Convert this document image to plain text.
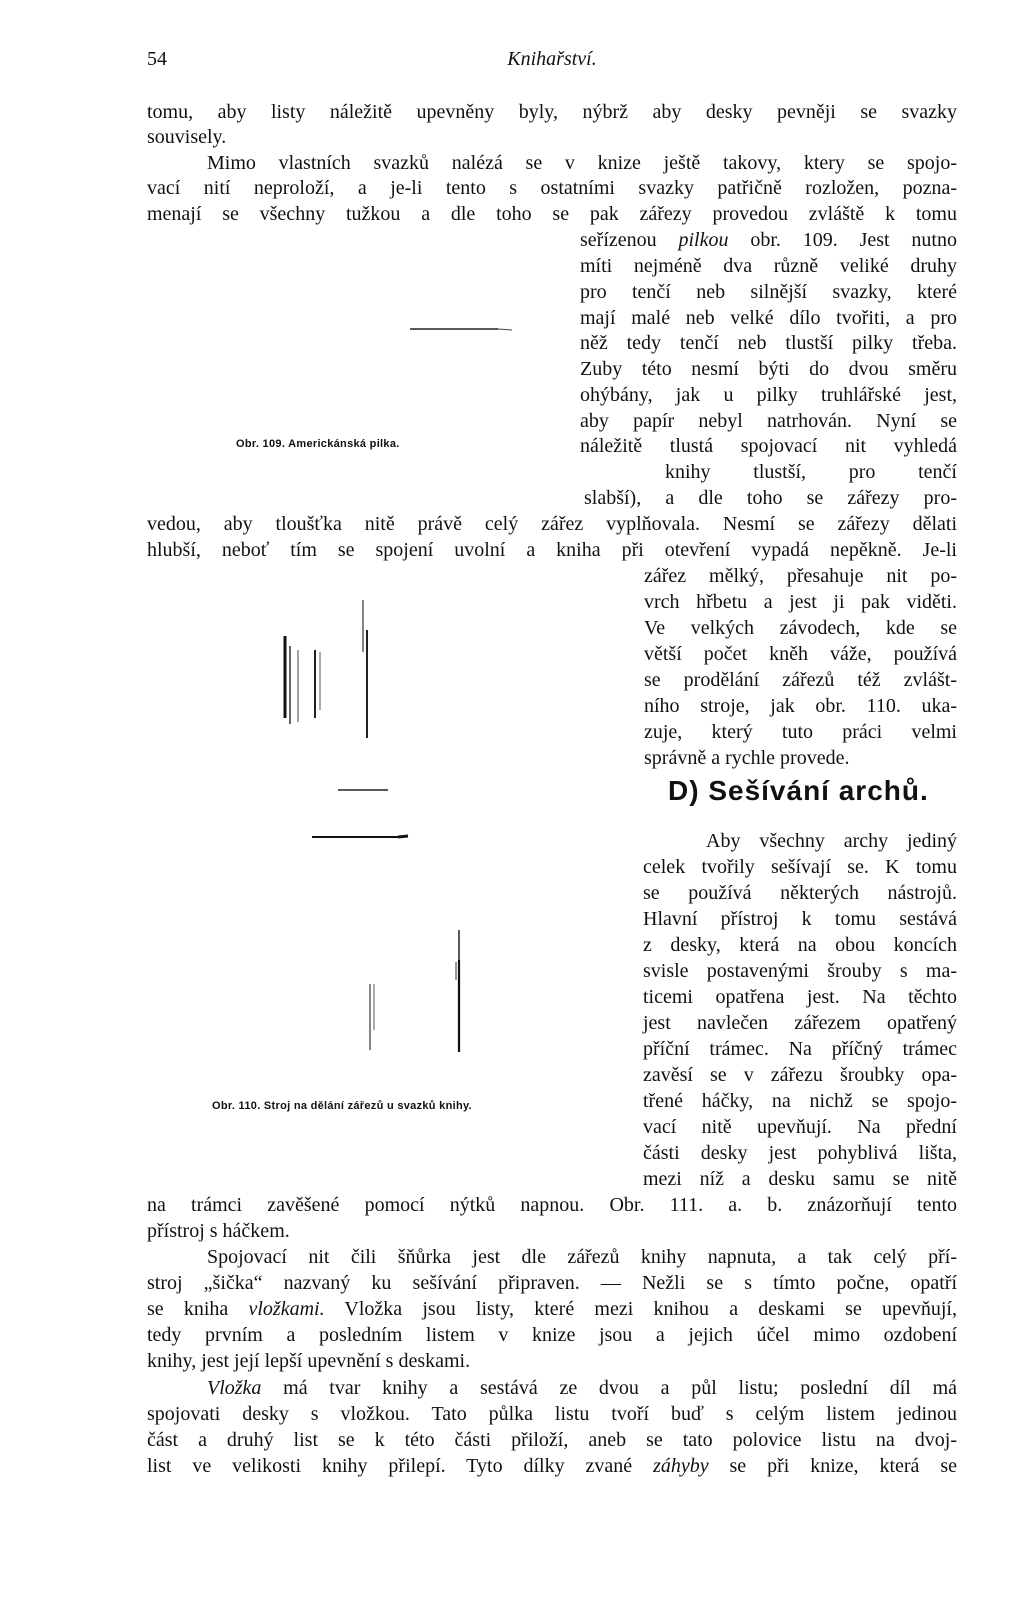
54	Knihařství.
tomu, aby listy náležitě upevněny byly, nýbrž aby desky pevněji se svazky
souvisely.
Mimo vlastních svazků nalézá se v knize ještě takovy, ktery se spojo-
vací nití neproloží, a je-li tento s ostatními svazky patřičně rozložen, pozna-
menají se všechny tužkou a dle toho se pak zářezy provedou zvláště k tomu
seřízenou pilkou obr. 109. Jest nutno
míti nejméně dva různě veliké druhy
pro tenčí neb silnější svazky, které
mají malé neb velké dílo tvořiti, a pro
něž tedy tenčí neb tlustší pilky třeba.
Zuby této nesmí býti do dvou směru
ohýbány, jak u pilky truhlářské jest,
aby papír nebyl natrhován. Nyní se
náležitě tlustá spojovací nit vyhledá
knihy tlustší, pro tenčí
slabší), a dle toho se zářezy pro-
vedou, aby tloušťka nitě právě celý zářez vyplňovala. Nesmí se zářezy dělati
hlubší, neboť tím se spojení uvolní a kniha při otevření vypadá nepěkně. Je-li
zářez mělký, přesahuje nit po-
vrch hřbetu a jest ji pak viděti.
Ve velkých závodech, kde se
větší počet kněh váže, používá
se prodělání zářezů též zvlášt-
ního stroje, jak obr. 110. uka-
zuje, který tuto práci velmi
správně a rychle provede.
Obr. 109. Americkánská pilka.
Obr. 110. Stroj na dělání zářezů u svazků knihy.
D) Sešívání archů.
Aby všechny archy jediný
celek tvořily sešívají se. K tomu
se používá některých nástrojů.
Hlavní přístroj k tomu sestává
z desky, která na obou koncích
svisle postavenými šrouby s ma-
ticemi opatřena jest. Na těchto
jest navlečen zářezem opatřený
příční trámec. Na příčný trámec
zavěsí se v zářezu šroubky opa-
třené háčky, na nichž se spojo-
vací nitě upevňují. Na přední
části desky jest pohyblivá lišta,
mezi níž a desku samu se nitě
na trámci zavěšené pomocí nýtků napnou. Obr. 111. a. b. znázorňují tento
přístroj s háčkem.
Spojovací nit čili šňůrka jest dle zářezů knihy napnuta, a tak celý pří-
stroj „šička“ nazvaný ku sešívání připraven. — Nežli se s tímto počne, opatří
se kniha vložkami. Vložka jsou listy, které mezi knihou a deskami se upevňují,
tedy prvním a posledním listem v knize jsou a jejich účel mimo ozdobení
knihy, jest její lepší upevnění s deskami.
Vložka má tvar knihy a sestává ze dvou a půl listu; poslední díl má
spojovati desky s vložkou. Tato půlka listu tvoří buď s celým listem jedinou
část a druhý list se k této části přiloží, aneb se tato polovice listu na dvoj-
list ve velikosti knihy přilepí. Tyto dílky zvané záhyby se při knize, která se
